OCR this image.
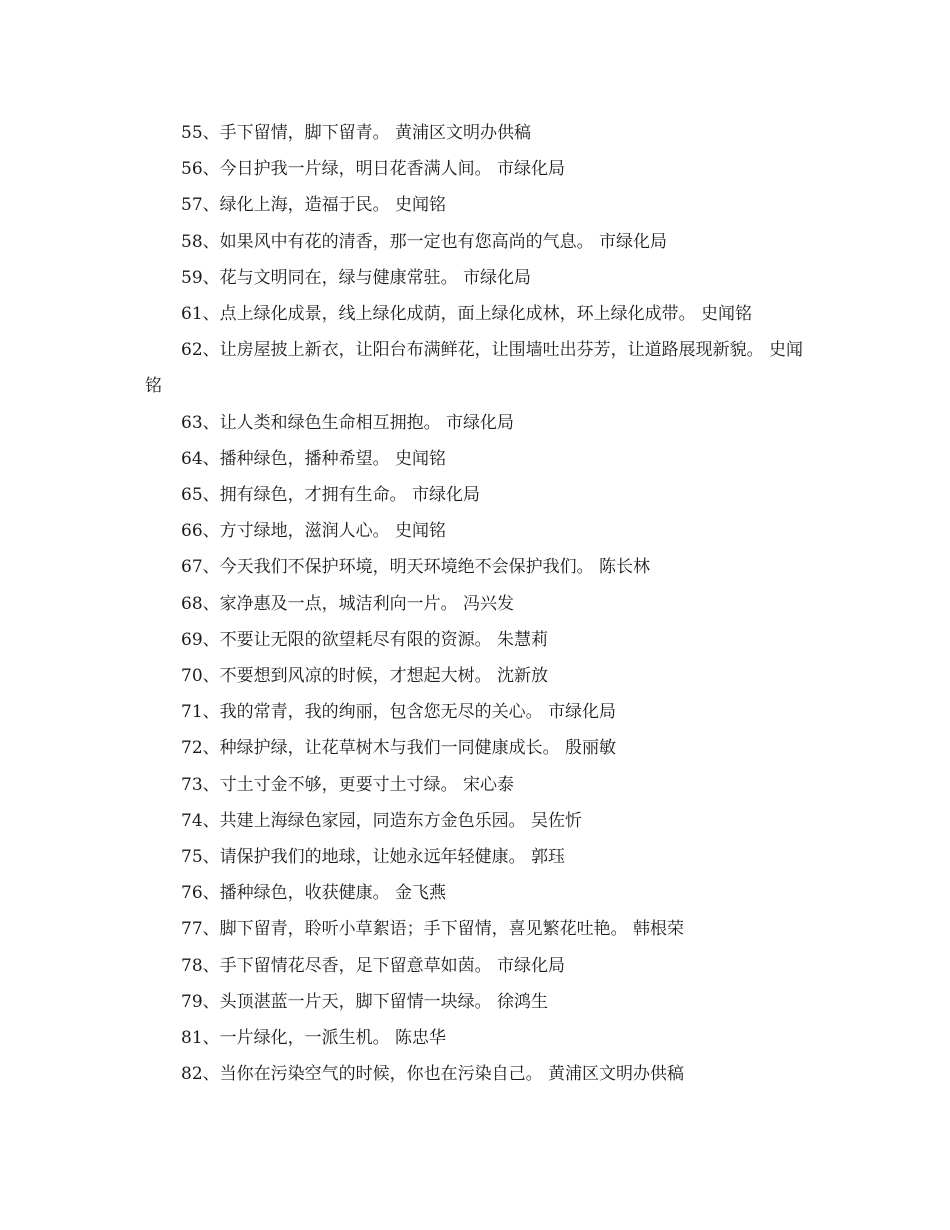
55、手下留情，脚下留青。 黄浦区文明办供稿
56、今日护我一片绿，明日花香满人间。 市绿化局
57、绿化上海，造福于民。 史闻铭
58、如果风中有花的清香，那一定也有您高尚的气息。 市绿化局
59、花与文明同在，绿与健康常驻。 市绿化局
61、点上绿化成景，线上绿化成荫，面上绿化成林，环上绿化成带。 史闻铭
62、让房屋披上新衣，让阳台布满鲜花，让围墙吐出芬芳，让道路展现新貌。 史闻铭
63、让人类和绿色生命相互拥抱。 市绿化局
64、播种绿色，播种希望。 史闻铭
65、拥有绿色，才拥有生命。 市绿化局
66、方寸绿地，滋润人心。 史闻铭
67、今天我们不保护环境，明天环境绝不会保护我们。 陈长林
68、家净惠及一点，城洁利向一片。 冯兴发
69、不要让无限的欲望耗尽有限的资源。 朱慧莉
70、不要想到风凉的时候，才想起大树。 沈新放
71、我的常青，我的绚丽，包含您无尽的关心。 市绿化局
72、种绿护绿，让花草树木与我们一同健康成长。 殷丽敏
73、寸土寸金不够，更要寸土寸绿。 宋心泰
74、共建上海绿色家园，同造东方金色乐园。 吴佐忻
75、请保护我们的地球，让她永远年轻健康。 郭珏
76、播种绿色，收获健康。 金飞燕
77、脚下留青，聆听小草絮语；手下留情，喜见繁花吐艳。 韩根荣
78、手下留情花尽香，足下留意草如茵。 市绿化局
79、头顶湛蓝一片天，脚下留情一块绿。 徐鸿生
81、一片绿化，一派生机。 陈忠华
82、当你在污染空气的时候，你也在污染自己。 黄浦区文明办供稿
